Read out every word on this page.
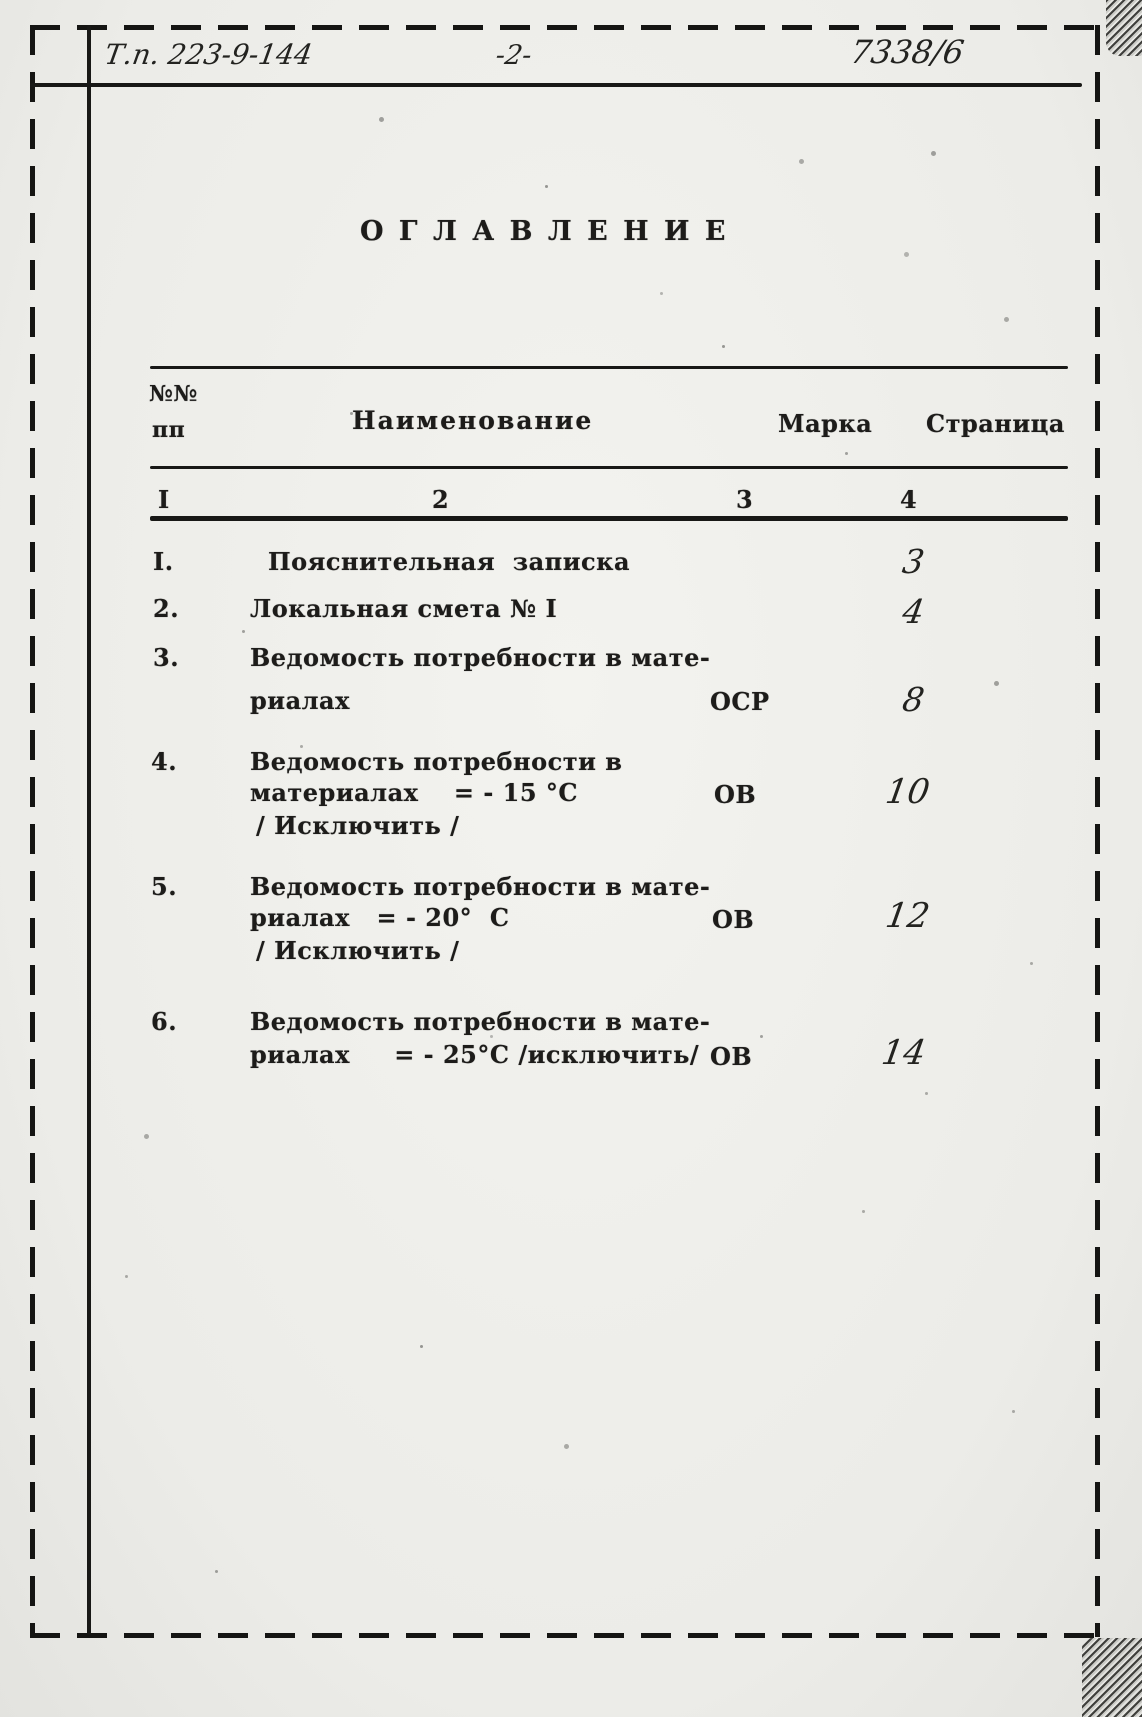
Т.п. 223-9-144	-2-	7338/6
О Г Л А В Л Е Н И Е
№№
пп	Наименование	Марка Страница
I	2	3	4
I.	Пояснительная  записка	3
2.	Локальная смета № I	4
3.	Ведомость потребности в мате-
риалах	ОСР	8
4.	Ведомость потребности в
материалах    = - 15 °С
/ Исключить /
ОВ	10
5.	Ведомость потребности в мате-
риалах   = - 20°  С
/ Исключить /
ОВ	12
6.	Ведомость потребности в мате-
риалах     = - 25°С /исключить/ ОВ	14
